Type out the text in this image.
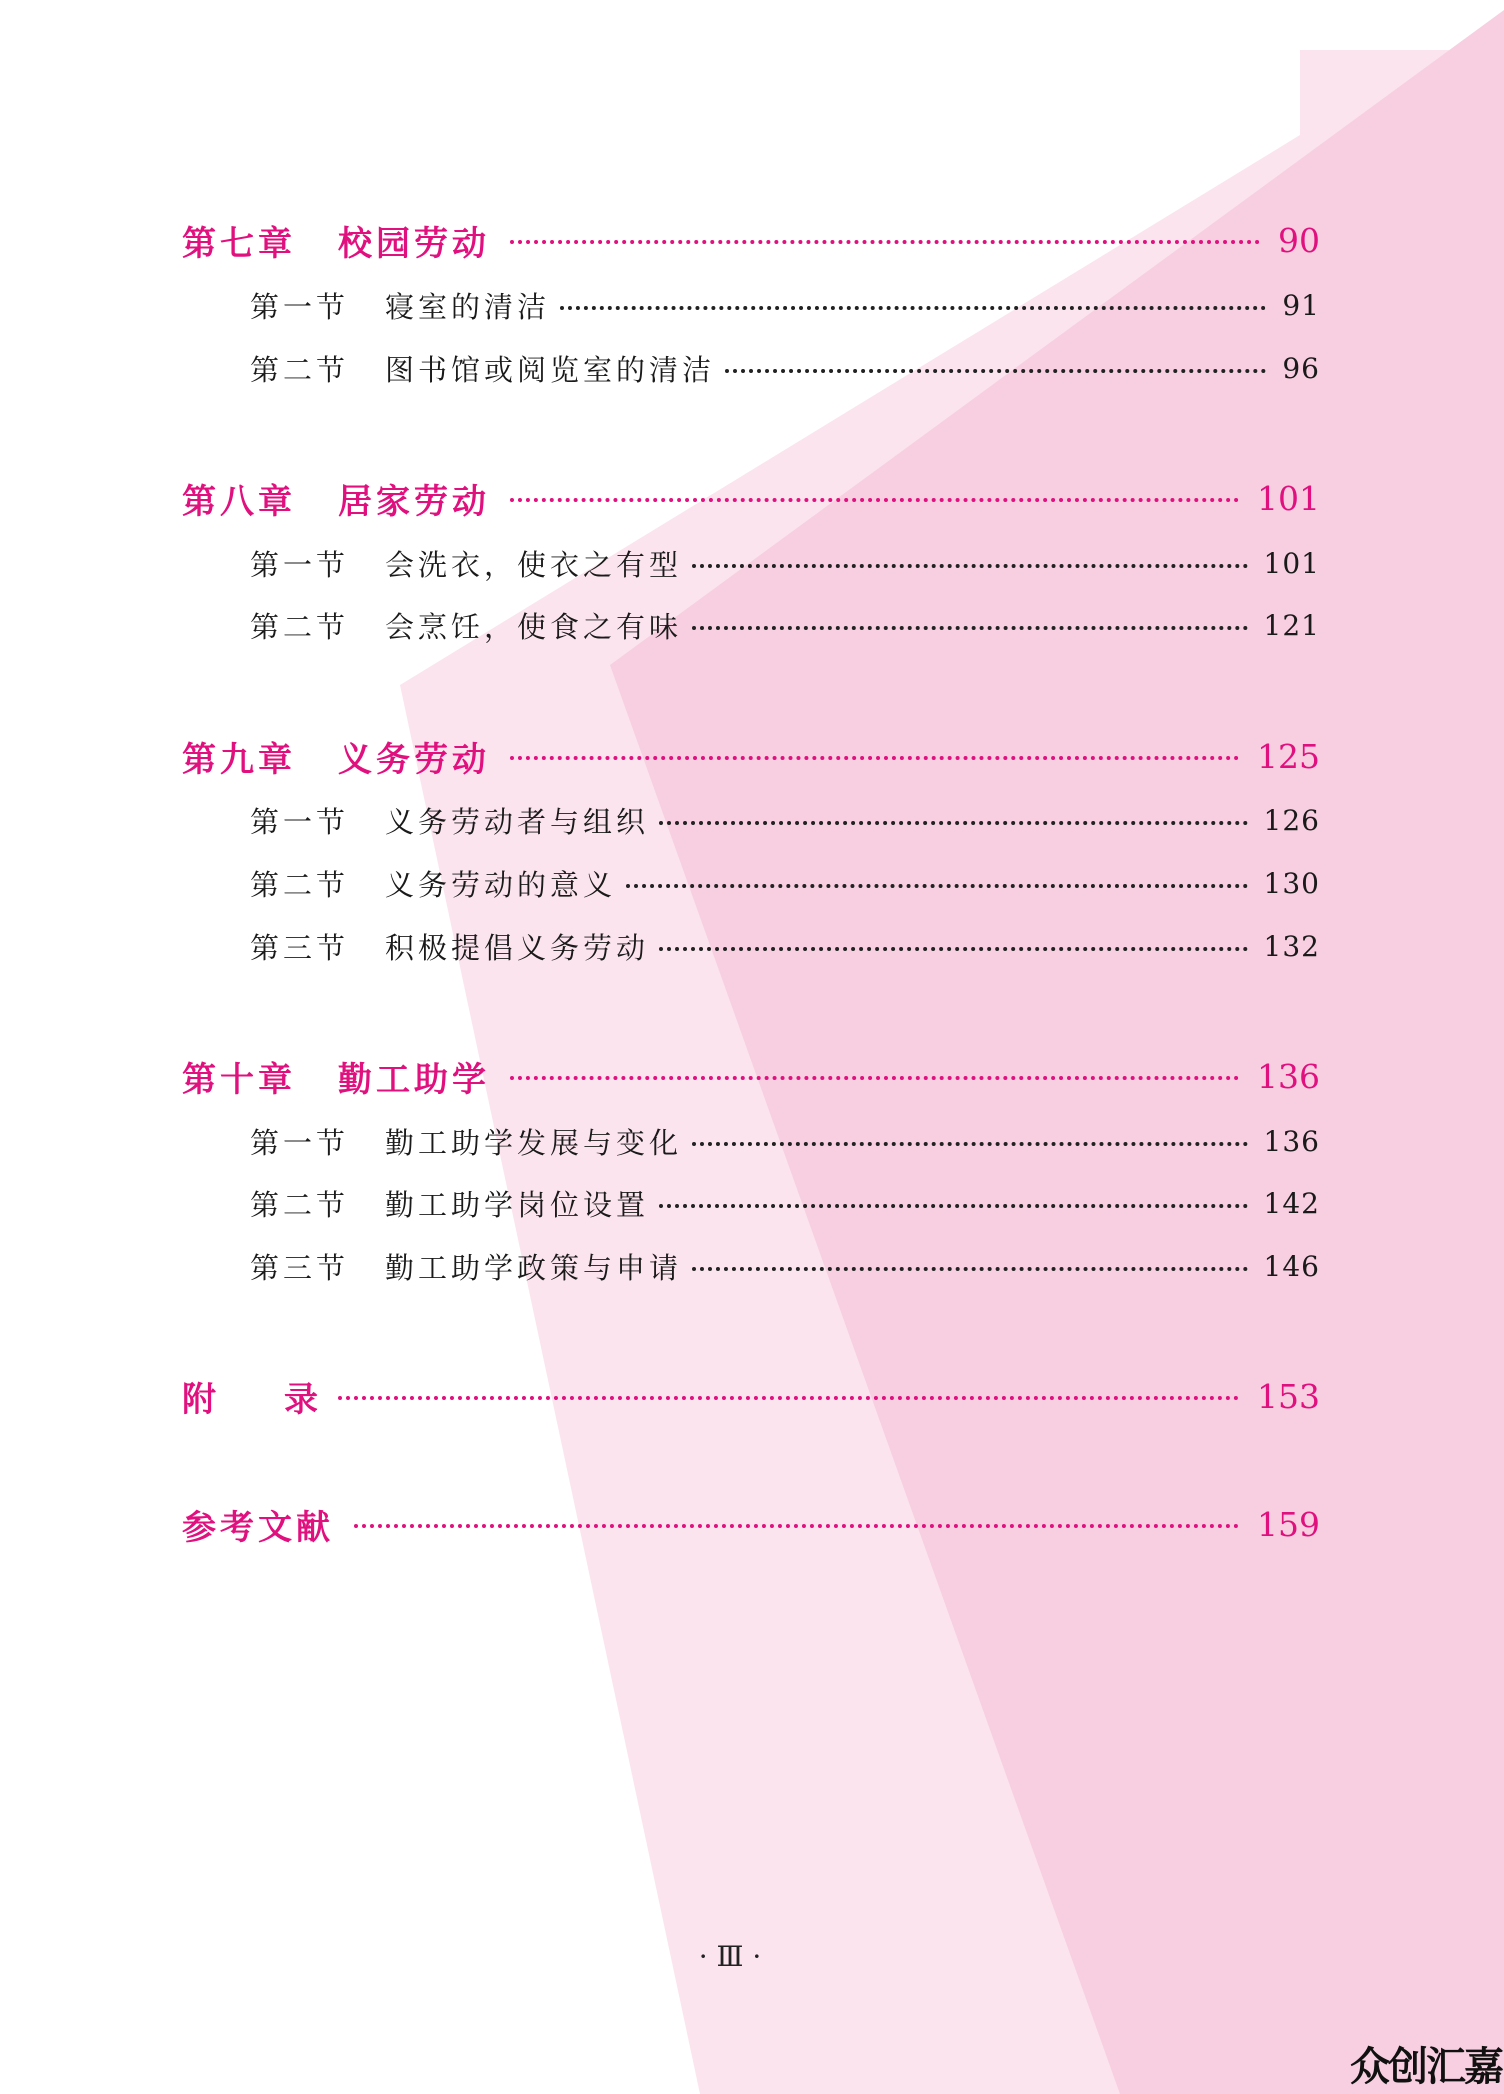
第七章 校园劳动	90
第一节 寝室的清洁	91
第二节 图书馆或阅览室的清洁	96
第八章 居家劳动	101
第一节 会洗衣，使衣之有型	101
第二节 会烹饪，使食之有味	121
第九章 义务劳动	125
第一节 义务劳动者与组织	126
第二节 义务劳动的意义	130
第三节 积极提倡义务劳动	132
第十章 勤工助学	136
第一节 勤工助学发展与变化	136
第二节 勤工助学岗位设置	142
第三节 勤工助学政策与申请	146
附　　录	153
参考文献	159
· Ⅲ ·
众创汇嘉
